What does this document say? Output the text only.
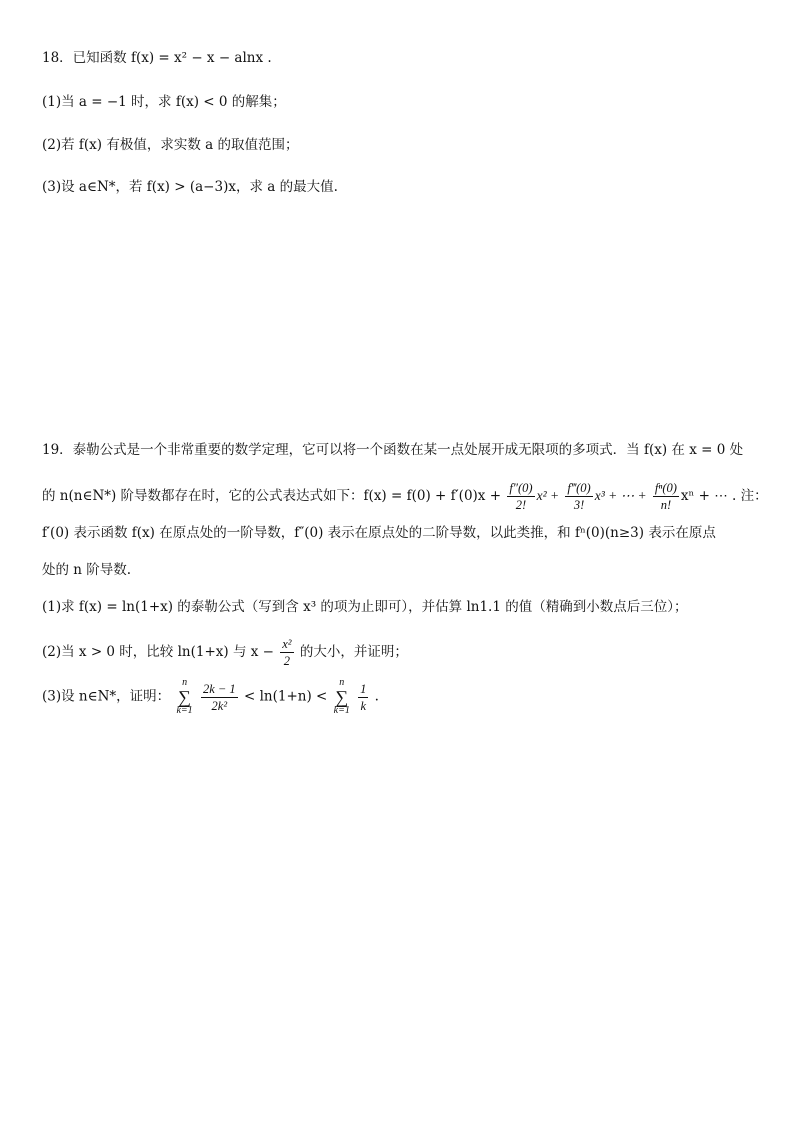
18．已知函数 f(x) = x² − x − alnx .
(1)当 a = −1 时，求 f(x) < 0 的解集；
(2)若 f(x) 有极值，求实数 a 的取值范围；
(3)设 a∈N*，若 f(x) > (a−3)x，求 a 的最大值.
19．泰勒公式是一个非常重要的数学定理，它可以将一个函数在某一点处展开成无限项的多项式．当 f(x) 在 x = 0 处
的 n(n∈N*) 阶导数都存在时，它的公式表达式如下：$f(x) = f(0) + f'(0)x + \frac{f''(0)}{2!} x^2 + \frac{f‴(0)}{3!} x^3$ + ⋯ + $\frac{\text{fⁿ(0)}}{n!}$ xⁿ + ⋯ . 注：
f′(0) 表示函数 f(x) 在原点处的一阶导数，f″(0) 表示在原点处的二阶导数，以此类推，和 fⁿ(0)(n≥3) 表示在原点
处的 n 阶导数.
(1)求 f(x) = ln(1+x) 的泰勒公式（写到含 x³ 的项为止即可），并估算 ln1.1 的值（精确到小数点后三位）；
(2)当 x > 0 时，比较 ln(1+x) 与 $x - \frac{\text{x²}}{2}$ 的大小，并证明；
(3)设 n∈N*，证明： n
∑
$k=1 \frac{2k - 1}{\text{2k²}} < \ln(1+n) < n$
∑
$k=1 \frac{1}{k}$ .
